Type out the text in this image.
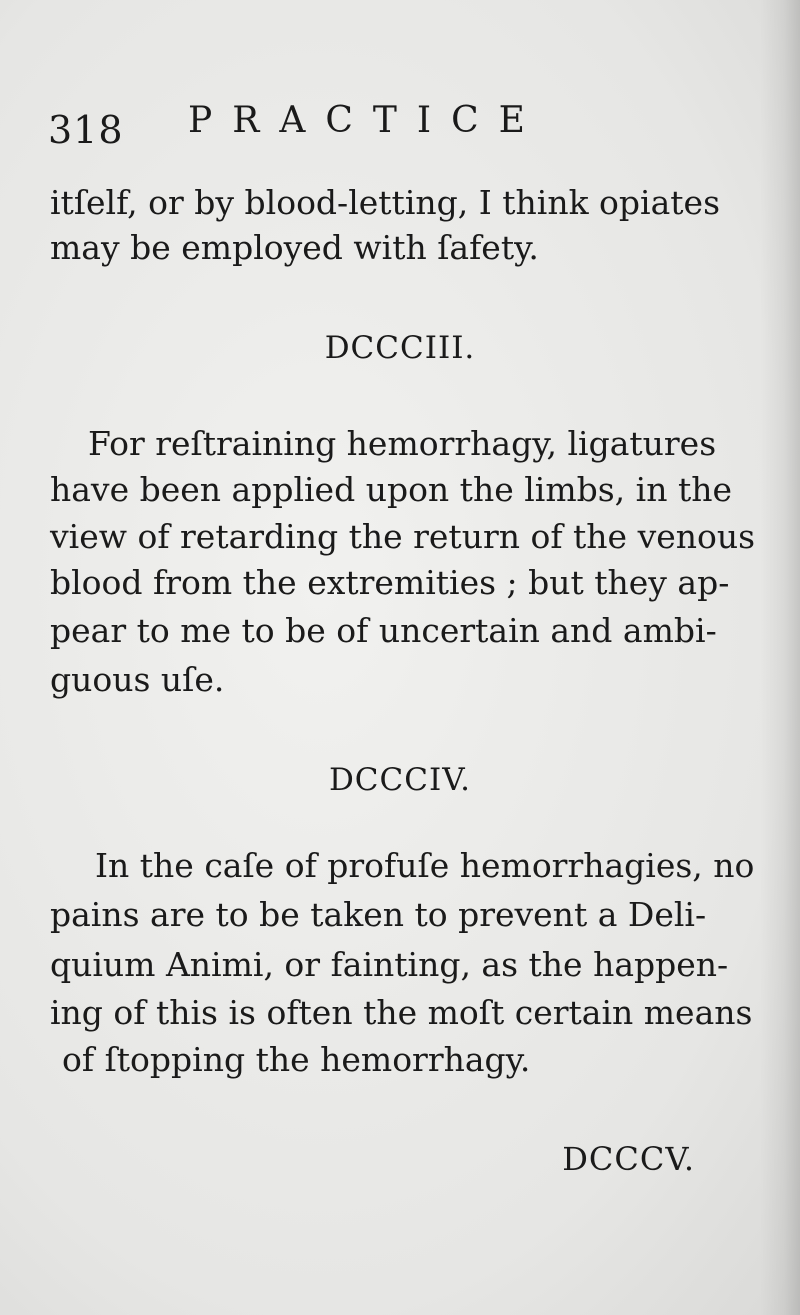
318 PRACTICE
itſelf, or by blood-letting, I think opiates
may be employed with ſafety.
DCCCIII.
For reſtraining hemorrhagy, ligatures
have been applied upon the limbs, in the
view of retarding the return of the venous
blood from the extremities ; but they ap-
pear to me to be of uncertain and ambi-
guous uſe.
DCCCIV.
In the caſe of profuſe hemorrhagies, no
pains are to be taken to prevent a Deli-
quium Animi, or fainting, as the happen-
ing of this is often the moſt certain means
of ſtopping the hemorrhagy.
DCCCV.
